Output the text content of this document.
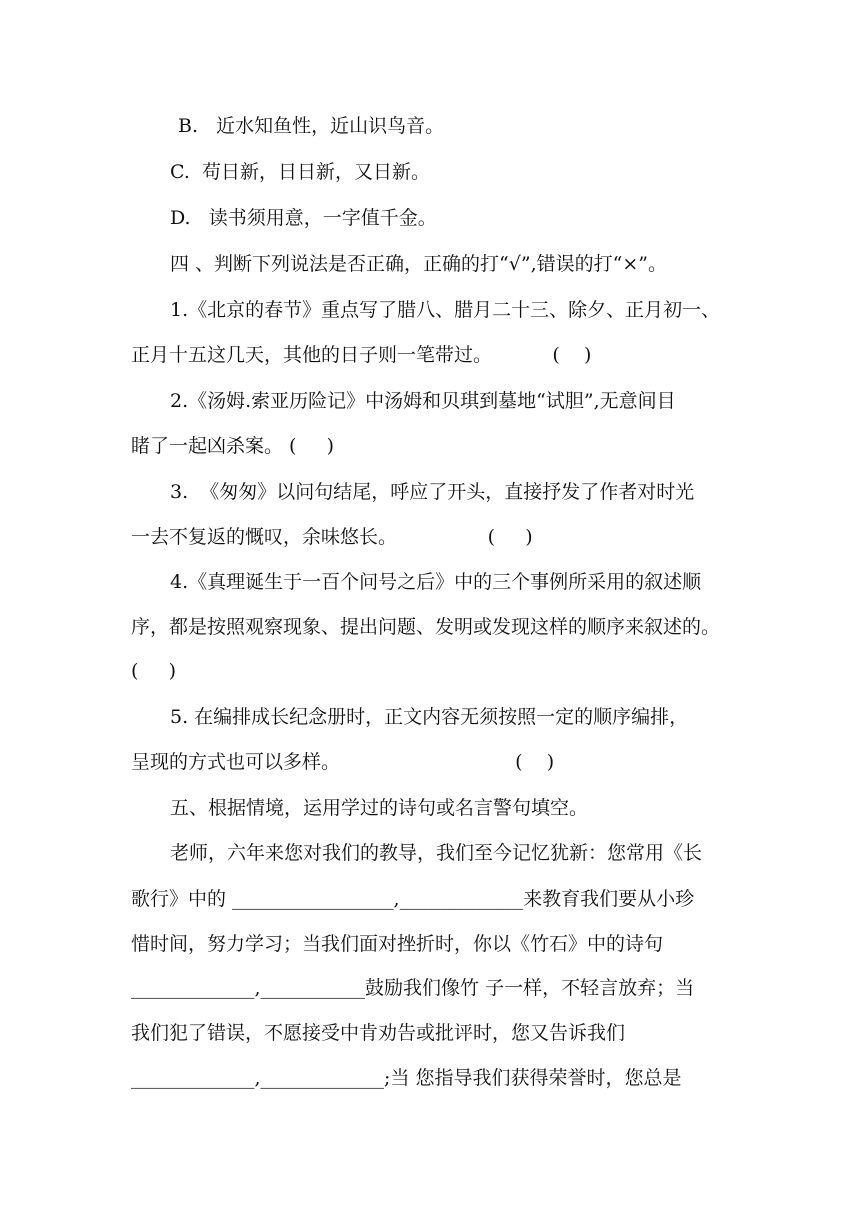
B.   近水知鱼性，近山识鸟音。
C.  苟日新，日日新，又日新。
D.   读书须用意，一字值千金。
四 、判断下列说法是否正确，正确的打“√”,错误的打“×”。
1.《北京的春节》重点写了腊八、腊月二十三、除夕、正月初一、
正月十五这几天，其他的日子则一笔带过。          (    )
2.《汤姆.索亚历险记》中汤姆和贝琪到墓地“试胆”,无意间目
睹了一起凶杀案。 (     )
3.  《匆匆》以问句结尾，呼应了开头，直接抒发了作者对时光
一去不复返的慨叹，余味悠长。               (     )
4.《真理诞生于一百个问号之后》中的三个事例所采用的叙述顺
序，都是按照观察现象、提出问题、发明或发现这样的顺序来叙述的。
(     )
5. 在编排成长纪念册时，正文内容无须按照一定的顺序编排，
呈现的方式也可以多样。                             (    )
五、根据情境，运用学过的诗句或名言警句填空。
老师，六年来您对我们的教导，我们至今记忆犹新：您常用《长
歌行》中的 _________________,_____________来教育我们要从小珍
惜时间，努力学习；当我们面对挫折时，你以《竹石》中的诗句
_____________,___________鼓励我们像竹 子一样，不轻言放弃；当
我们犯了错误，不愿接受中肯劝告或批评时，您又告诉我们
_____________,_____________;当 您指导我们获得荣誉时，您总是
